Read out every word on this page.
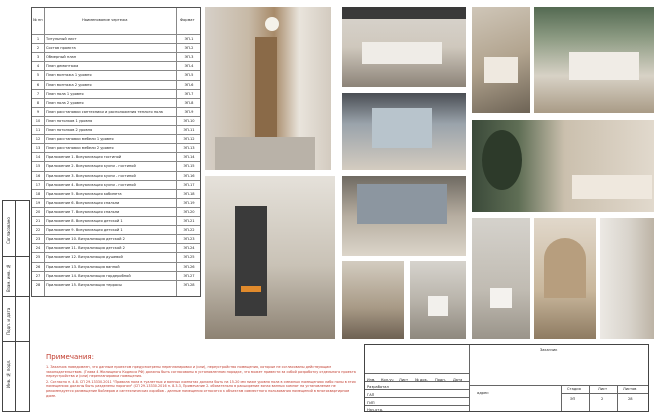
Согласовано
Взам. инв. №
Подп. и дата
Инв. № подл.
№ пп	Наименование чертежа	Формат
1	Титульный лист	ЭП-1
2	Состав проекта	ЭП-2
3	Обмерный план	ЭП-3
4	План демонтажа	ЭП-4
5	План монтажа 1 уровня	ЭП-5
6	План монтажа 2 уровня	ЭП-6
7	План пола 1 уровня	ЭП-7
8	План пола 2 уровня	ЭП-8
9	План расстановки сантехники и расположения теплого пола	ЭП-9
10	План потолков 1 уровня	ЭП-10
11	План потолков 2 уровня	ЭП-11
12	План расстановки мебели 1 уровня	ЭП-12
13	План расстановки мебели 2 уровня	ЭП-13
14	Приложение 1. Визуализация гостиной	ЭП-14
15	Приложение 2. Визуализация кухни - гостиной	ЭП-15
16	Приложение 3. Визуализация кухни - гостиной	ЭП-16
17	Приложение 4. Визуализация кухни - гостиной	ЭП-17
18	Приложение 5. Визуализация кабинета	ЭП-18
19	Приложение 6. Визуализация спальни	ЭП-19
20	Приложение 7. Визуализация спальни	ЭП-20
21	Приложение 8. Визуализация детской 1	ЭП-21
22	Приложение 9. Визуализация детской 1	ЭП-22
23	Приложение 10. Визуализация детской 2	ЭП-23
24	Приложение 11. Визуализация детской 2	ЭП-24
25	Приложение 12. Визуализация душевой	ЭП-25
26	Приложение 13. Визуализация ванной	ЭП-26
27	Приложение 14. Визуализация гардеробной	ЭП-27
28	Приложение 15. Визуализация террасы	ЭП-28
Примечания:
1. Заказчик поведомлен, что данным проектом предусмотрены перепланировки и (или), переустройство помещения, которые не согласованы действующим законодательством. (Глава 4 Жилищного Кодекса РФ) должны быть согласованы в установленном порядке, что может привести за собой разработку отдельного проекта переустройства и (или) перепланировки помещения.
2. Согласно п. 4.8. СП 29.13330.2011 "Правила пола в туалетных и ванных комнатах должна быть на 15-20 мм ниже уровня пола в смежных помещениях либо полы в этих помещениях должны быть разделены порогом" (СП 29.13330.2016 п. 8.3.3, Примечание 2. обязательно в расширение зонах ванных комнат на установление не рекомендуется размещение бойлеров и сантехнических коробов - данные помещения относятся к объектам совместного пользования помещений в многоквартирном доме.
Изм. Кол.уч Лист № док. Подп. Дата
Разработал
ГАП
ГИП
Нач.отд.
Заказчик
адрес:
Стадия	Лист	Листов
ЭП	2	28
